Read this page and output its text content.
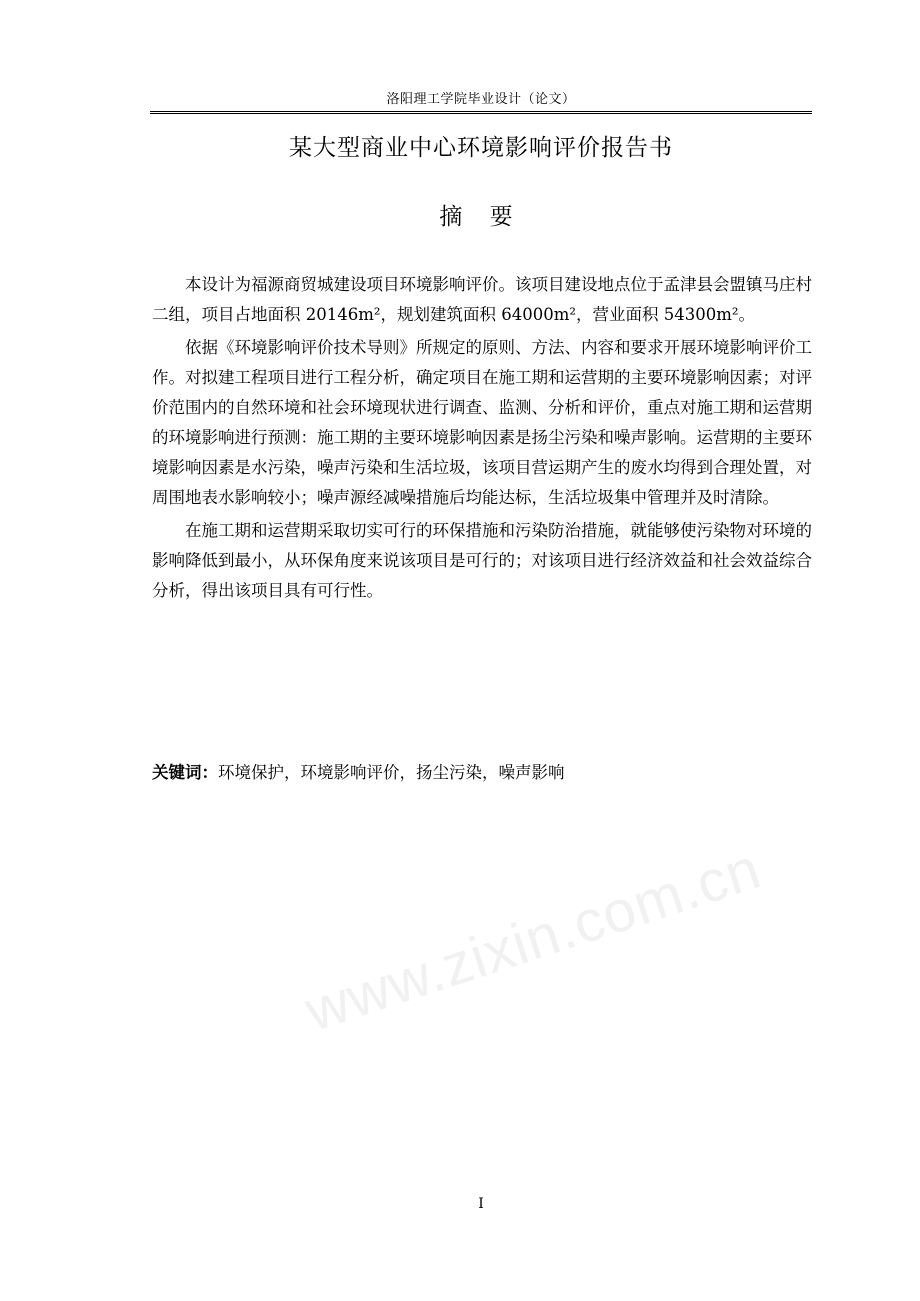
洛阳理工学院毕业设计（论文）
某大型商业中心环境影响评价报告书
摘 要

本设计为福源商贸城建设项目环境影响评价。该项目建设地点位于孟津县会盟镇马庄村二组，项目占地面积 20146m²，规划建筑面积 64000m²，营业面积 54300m²。

依据《环境影响评价技术导则》所规定的原则、方法、内容和要求开展环境影响评价工作。对拟建工程项目进行工程分析，确定项目在施工期和运营期的主要环境影响因素；对评价范围内的自然环境和社会环境现状进行调查、监测、分析和评价，重点对施工期和运营期的环境影响进行预测：施工期的主要环境影响因素是扬尘污染和噪声影响。运营期的主要环境影响因素是水污染，噪声污染和生活垃圾，该项目营运期产生的废水均得到合理处置，对周围地表水影响较小；噪声源经减噪措施后均能达标，生活垃圾集中管理并及时清除。

在施工期和运营期采取切实可行的环保措施和污染防治措施，就能够使污染物对环境的影响降低到最小，从环保角度来说该项目是可行的；对该项目进行经济效益和社会效益综合分析，得出该项目具有可行性。

关键词：环境保护，环境影响评价，扬尘污染，噪声影响
www.zixin.com.cn
I
